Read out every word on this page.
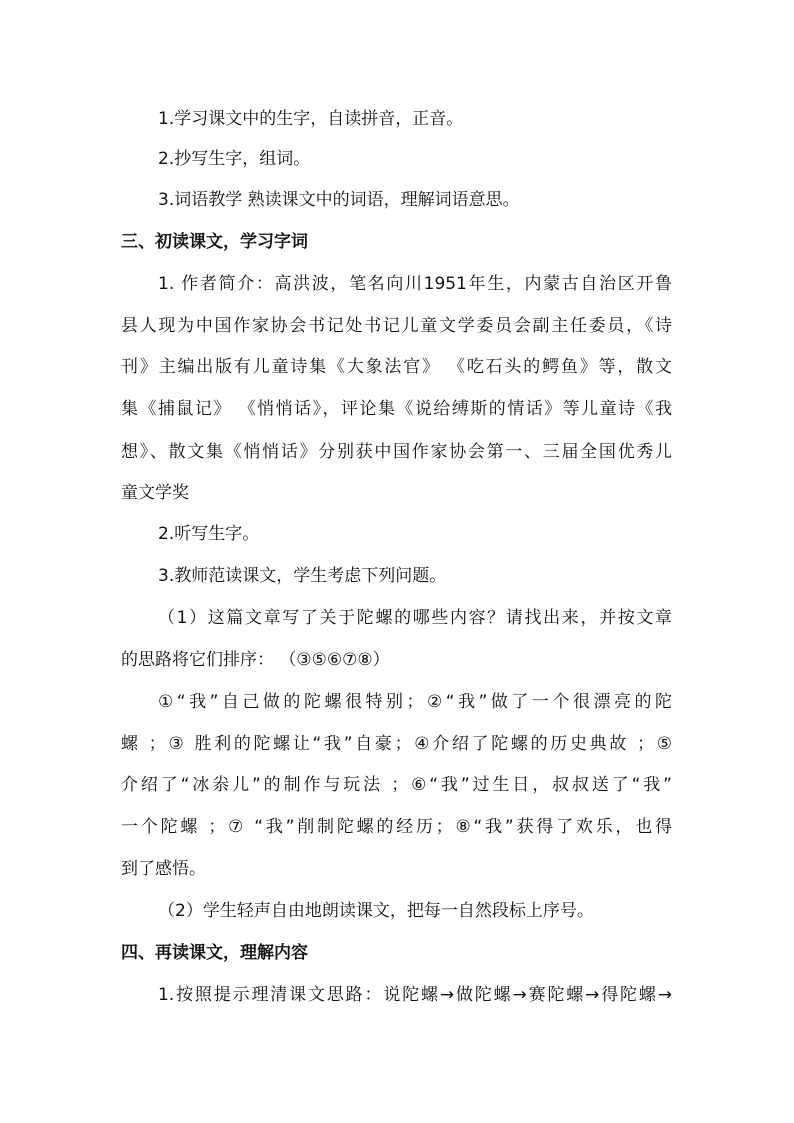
1.学习课文中的生字，自读拼音，正音。
2.抄写生字，组词。
3.词语教学 熟读课文中的词语，理解词语意思。
三、初读课文，学习字词
1. 作者简介：高洪波，笔名向川1951年生，内蒙古自治区开鲁
县人现为中国作家协会书记处书记儿童文学委员会副主任委员，《诗
刊》主编出版有儿童诗集《大象法官》 《吃石头的鳄鱼》等，散文
集《捕鼠记》 《悄悄话》，评论集《说给缚斯的情话》等儿童诗《我
想》、散文集《悄悄话》分别获中国作家协会第一、三届全国优秀儿
童文学奖
2.听写生字。
3.教师范读课文，学生考虑下列问题。
（1）这篇文章写了关于陀螺的哪些内容？请找出来，并按文章
的思路将它们排序： （③⑤⑥⑦⑧）
①“我”自己做的陀螺很特别；②“我”做了一个很漂亮的陀
螺 ；③ 胜利的陀螺让“我”自豪；④介绍了陀螺的历史典故 ；⑤
介绍了“冰尜儿”的制作与玩法 ；⑥“我”过生日，叔叔送了“我”
一个陀螺 ；⑦ “我”削制陀螺的经历；⑧“我”获得了欢乐，也得
到了感悟。
（2）学生轻声自由地朗读课文，把每一自然段标上序号。
四、再读课文，理解内容
1.按照提示理清课文思路：说陀螺→做陀螺→赛陀螺→得陀螺→
